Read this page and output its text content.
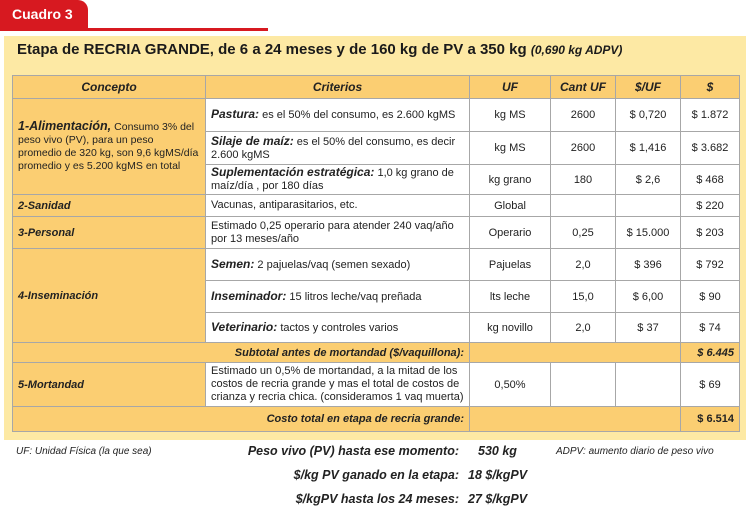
Cuadro 3
Etapa de RECRIA GRANDE, de 6 a 24 meses y de 160 kg de PV a 350 kg (0,690 kg ADPV)
Concepto	Criterios	UF	Cant UF	$/UF	$
1-Alimentación, Consumo 3% del peso vivo (PV), para un peso promedio de 320 kg, son 9,6 kgMS/día promedio y es 5.200 kgMS en total	Pastura: es el 50% del consumo, es 2.600 kgMS	kg MS	2600	$ 0,720	$ 1.872
	Silaje de maíz: es el 50% del consumo, es decir 2.600 kgMS	kg MS	2600	$ 1,416	$ 3.682
	Suplementación estratégica: 1,0 kg grano de maíz/día , por 180 días	kg grano	180	$ 2,6	$ 468
2-Sanidad	Vacunas, antiparasitarios, etc.	Global			$ 220
3-Personal	Estimado 0,25 operario para atender 240 vaq/año por 13 meses/año	Operario	0,25	$ 15.000	$ 203
4-Inseminación	Semen: 2 pajuelas/vaq (semen sexado)	Pajuelas	2,0	$ 396	$ 792
	Inseminador: 15 litros leche/vaq preñada	lts leche	15,0	$ 6,00	$ 90
	Veterinario: tactos y controles varios	kg novillo	2,0	$ 37	$ 74
Subtotal antes de mortandad ($/vaquillona):					$ 6.445
5-Mortandad	Estimado un 0,5% de mortandad, a la mitad de los costos de recria grande y mas el total de costos de crianza y recria chica. (consideramos 1 vaq muerta)	0,50%			$ 69
Costo total en etapa de recria grande:					$ 6.514
UF: Unidad Física (la que sea)	ADPV: aumento diario de peso vivo
Peso vivo (PV) hasta ese momento: 530 kg
$/kg PV ganado en la etapa: 18 $/kgPV
$/kgPV hasta los 24 meses: 27 $/kgPV
